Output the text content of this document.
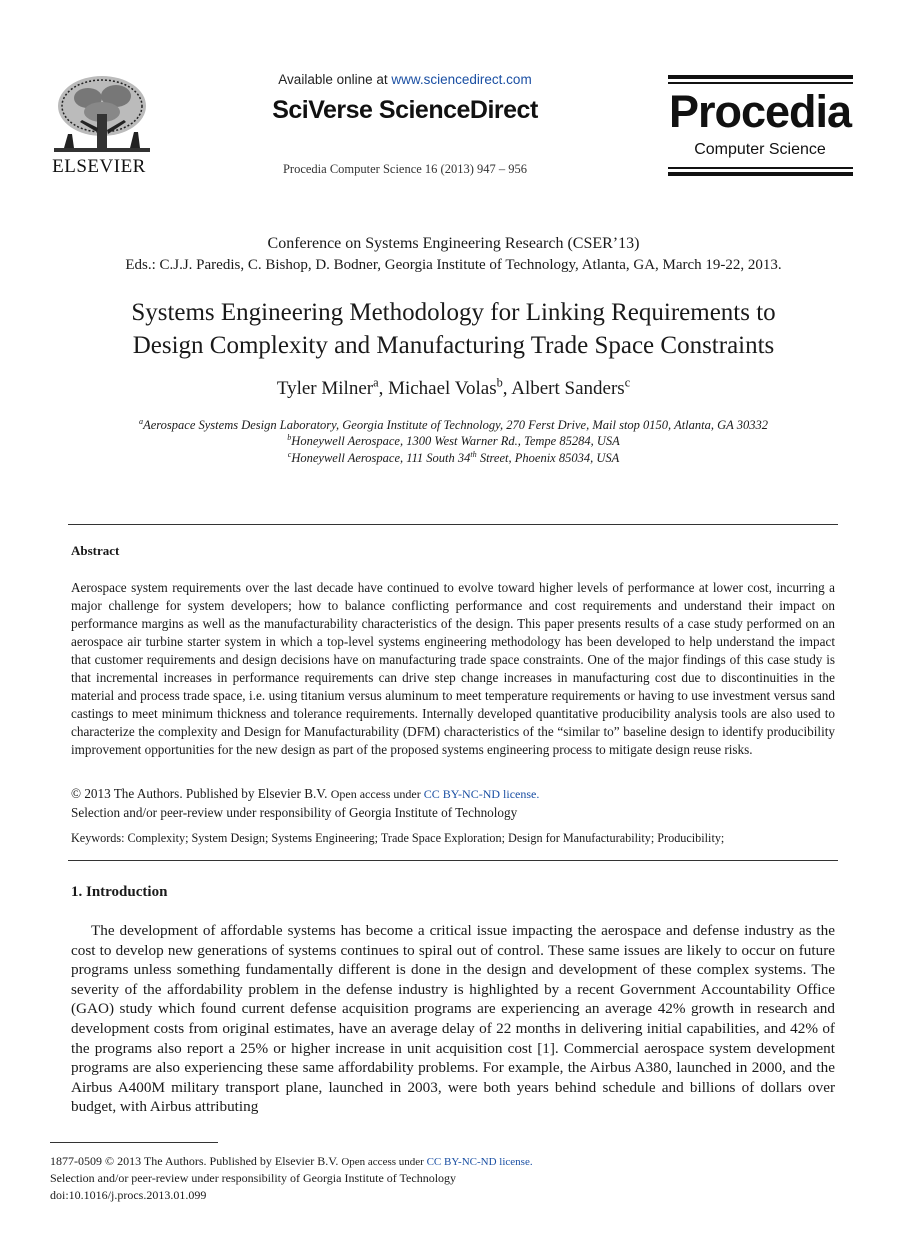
ELSEVIER
Available online at www.sciencedirect.com
SciVerse ScienceDirect
Procedia Computer Science 16 (2013) 947 – 956
Procedia
Computer Science
Conference on Systems Engineering Research (CSER’13)
Eds.: C.J.J. Paredis, C. Bishop, D. Bodner, Georgia Institute of Technology, Atlanta, GA, March 19-22, 2013.
Systems Engineering Methodology for Linking Requirements to
Design Complexity and Manufacturing Trade Space Constraints
Tyler Milner$^a$, Michael Volas$^b$, Albert Sanders$^c$
$^a$Aerospace Systems Design Laboratory, Georgia Institute of Technology, 270 Ferst Drive, Mail stop 0150, Atlanta, GA 30332
$^b$Honeywell Aerospace, 1300 West Warner Rd., Tempe 85284, USA
$^c$Honeywell Aerospace, 111 South 34th Street, Phoenix 85034, USA
Abstract
Aerospace system requirements over the last decade have continued to evolve toward higher levels of performance at lower cost, incurring a major challenge for system developers; how to balance conflicting performance and cost requirements and understand their impact on performance margins as well as the manufacturability characteristics of the design. This paper presents results of a case study performed on an aerospace air turbine starter system in which a top-level systems engineering methodology has been developed to help understand the impact that customer requirements and design decisions have on manufacturing trade space constraints. One of the major findings of this case study is that incremental increases in performance requirements can drive step change increases in manufacturing cost due to discontinuities in the material and process trade space, i.e. using titanium versus aluminum to meet temperature requirements or having to use investment versus sand castings to meet minimum thickness and tolerance requirements. Internally developed quantitative producibility analysis tools are also used to characterize the complexity and Design for Manufacturability (DFM) characteristics of the “similar to” baseline design to identify producibility improvement opportunities for the new design as part of the proposed systems engineering process to mitigate design reuse risks.
© 2013 The Authors. Published by Elsevier B.V. Open access under CC BY-NC-ND license.
Selection and/or peer-review under responsibility of Georgia Institute of Technology
Keywords: Complexity; System Design; Systems Engineering; Trade Space Exploration; Design for Manufacturability; Producibility;
1. Introduction
The development of affordable systems has become a critical issue impacting the aerospace and defense industry as the cost to develop new generations of systems continues to spiral out of control. These same issues are likely to occur on future programs unless something fundamentally different is done in the design and development of these complex systems. The severity of the affordability problem in the defense industry is highlighted by a recent Government Accountability Office (GAO) study which found current defense acquisition programs are experiencing an average 42% growth in research and development costs from original estimates, have an average delay of 22 months in delivering initial capabilities, and 42% of the programs also report a 25% or higher increase in unit acquisition cost [1]. Commercial aerospace system development programs are also experiencing these same affordability problems. For example, the Airbus A380, launched in 2000, and the Airbus A400M military transport plane, launched in 2003, were both years behind schedule and billions of dollars over budget, with Airbus attributing
1877-0509 © 2013 The Authors. Published by Elsevier B.V. Open access under CC BY-NC-ND license.
Selection and/or peer-review under responsibility of Georgia Institute of Technology
doi:10.1016/j.procs.2013.01.099
